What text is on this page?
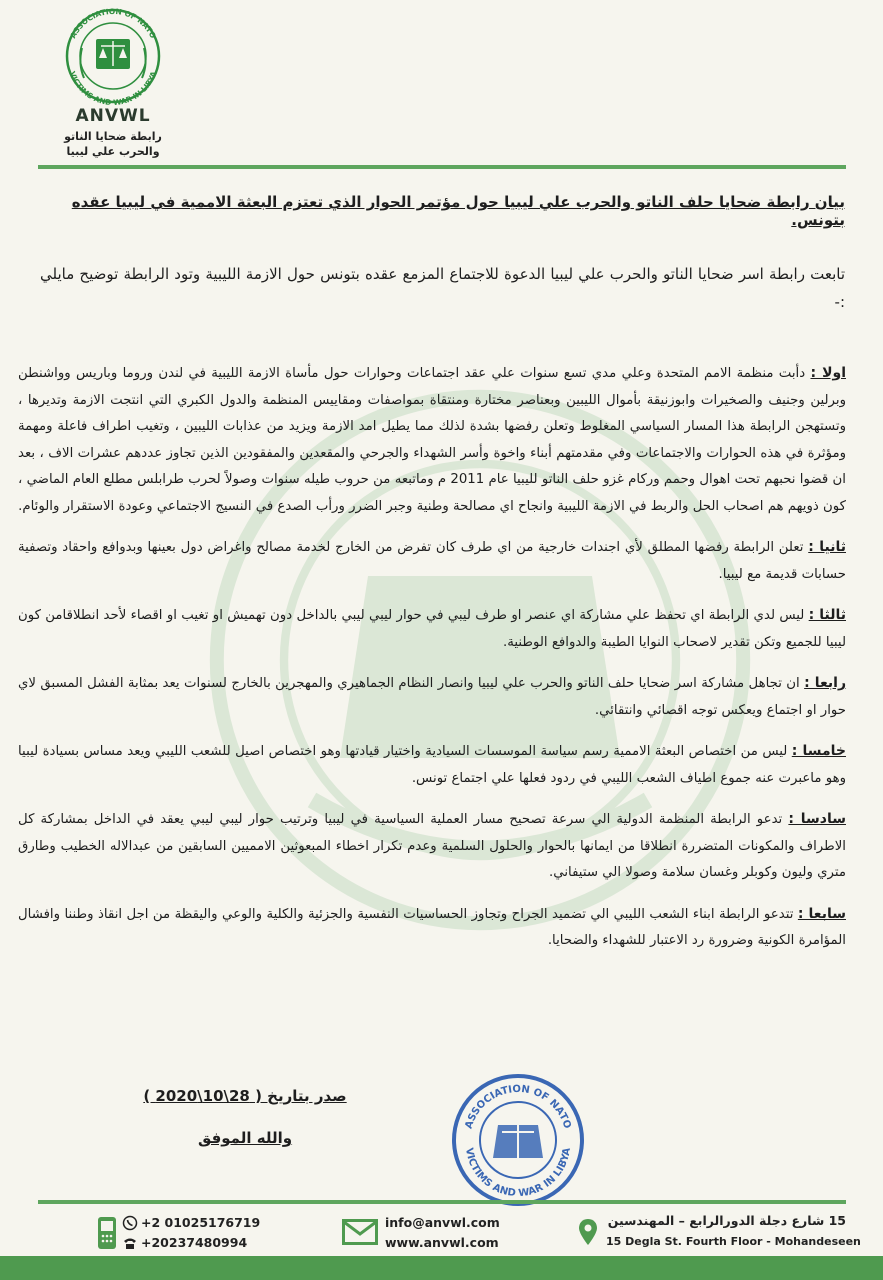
ASSOCIATION OF NATO
VICTIMS AND WAR IN LIBYA
ANVWL
رابطة ضحايا الناتو
والحرب علي ليبيا
بيان رابطة ضحايا حلف الناتو والحرب علي ليبيا حول مؤتمر الحوار الذي تعتزم البعثة الاممية في ليبيا عقده بتونس.

تابعت رابطة اسر ضحايا الناتو والحرب علي ليبيا الدعوة للاجتماع المزمع عقده بتونس حول الازمة الليبية وتود الرابطة توضيح مايلي :-

اولا : دأبت منظمة الامم المتحدة وعلي مدي تسع سنوات علي عقد اجتماعات وحوارات حول مأساة الازمة الليبية في لندن وروما وباريس وواشنطن وبرلين وجنيف والصخيرات وابوزنيقة بأموال الليبين وبعناصر مختارة ومنتقاة بمواصفات ومقاييس المنظمة والدول الكبري التي انتجت الازمة وتديرها ، وتستهجن الرابطة هذا المسار السياسي المغلوط وتعلن رفضها بشدة لذلك مما يطيل امد الازمة ويزيد من عذابات الليبين ، وتغيب اطراف فاعلة ومهمة ومؤثرة في هذه الحوارات والاجتماعات وفي مقدمتهم أبناء واخوة وأسر الشهداء والجرحي والمقعدين والمفقودين الذين تجاوز عددهم عشرات الاف ، بعد ان قضوا نحبهم تحت اهوال وحمم وركام غزو حلف الناتو لليبيا عام 2011 م وماتبعه من حروب طيله سنوات وصولاً لحرب طرابلس مطلع العام الماضي ، كون ذويهم هم اصحاب الحل والربط في الازمة الليبية وانجاح اي مصالحة وطنية وجبر الضرر ورأب الصدع في النسيج الاجتماعي وعودة الاستقرار والوئام.

ثانيا : تعلن الرابطة رفضها المطلق لأي اجندات خارجية من اي طرف كان تفرض من الخارج لخدمة مصالح واغراض دول بعينها وبدوافع واحقاد وتصفية حسابات قديمة مع ليبيا.

ثالثا : ليس لدي الرابطة اي تحفظ علي مشاركة اي عنصر او طرف ليبي في حوار ليبي ليبي بالداخل دون تهميش او تغيب او اقصاء لأحد انطلاقامن كون ليبيا للجميع وتكن تقدير لاصحاب النوايا الطيبة والدوافع الوطنية.

رابعا : ان تجاهل مشاركة اسر ضحايا حلف الناتو والحرب علي ليبيا وانصار النظام الجماهيري والمهجرين بالخارج لسنوات يعد بمثابة الفشل المسبق لاي حوار او اجتماع ويعكس توجه اقصائي وانتقائي.

خامسا : ليس من اختصاص البعثة الاممية رسم سياسة الموسسات السيادية واختيار قيادتها وهو اختصاص اصيل للشعب الليبي ويعد مساس بسيادة ليبيا وهو ماعبرت عنه جموع اطياف الشعب الليبي في ردود فعلها علي اجتماع تونس.

سادسا : تدعو الرابطة المنظمة الدولية الي سرعة تصحيح مسار العملية السياسية في ليبيا وترتيب حوار ليبي ليبي يعقد في الداخل بمشاركة كل الاطراف والمكونات المتضررة انطلاقا من ايمانها بالحوار والحلول السلمية وعدم تكرار اخطاء المبعوثين الامميين السابقين من عبدالاله الخطيب وطارق متري وليون وكوبلر وغسان سلامة وصولا الي ستيفاني.

سابعا : تتدعو الرابطة ابناء الشعب الليبي الي تضميد الجراح وتجاوز الحساسيات النفسية والجزئية والكلية والوعي واليقظة من اجل انقاذ وطننا وافشال المؤامرة الكونية وضرورة رد الاعتبار للشهداء والضحايا.

صدر بتاريخ ( 28\10\2020 )
والله الموفق
ASSOCIATION OF NATO
VICTIMS AND WAR IN LIBYA
+2 01025176719
+20237480994
info@anvwl.com
www.anvwl.com
15 شارع دجلة الدورالرابع – المهندسين
15 Degla St. Fourth Floor - Mohandeseen
